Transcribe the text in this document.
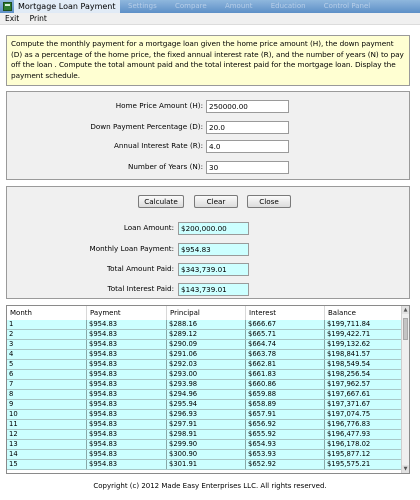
Mortgage Loan Payment	Settings	Compare	Amount	Education	Control Panel
Exit Print
Compute the monthly payment for a mortgage loan given the home price amount (H), the down payment (D) as a percentage of the home price, the fixed annual interest rate (R), and the number of years (N) to pay off the loan . Compute the total amount paid and the total interest paid for the mortgage loan. Display the payment schedule.
Home Price Amount (H): 250000.00
Down Payment Percentage (D): 20.0
Annual Interest Rate (R): 4.0
Number of Years (N): 30
Calculate	Clear	Close
Loan Amount: $200,000.00
Monthly Loan Payment: $954.83
Total Amount Paid: $343,739.01
Total Interest Paid: $143,739.01
Month	Payment	Principal	Interest	Balance
1	$954.83	$288.16	$666.67	$199,711.84
2	$954.83	$289.12	$665.71	$199,422.71
3	$954.83	$290.09	$664.74	$199,132.62
4	$954.83	$291.06	$663.78	$198,841.57
5	$954.83	$292.03	$662.81	$198,549.54
6	$954.83	$293.00	$661.83	$198,256.54
7	$954.83	$293.98	$660.86	$197,962.57
8	$954.83	$294.96	$659.88	$197,667.61
9	$954.83	$295.94	$658.89	$197,371.67
10	$954.83	$296.93	$657.91	$197,074.75
11	$954.83	$297.91	$656.92	$196,776.83
12	$954.83	$298.91	$655.92	$196,477.93
13	$954.83	$299.90	$654.93	$196,178.02
14	$954.83	$300.90	$653.93	$195,877.12
15	$954.83	$301.91	$652.92	$195,575.21
▲
▼
Copyright (c) 2012 Made Easy Enterprises LLC. All rights reserved.
